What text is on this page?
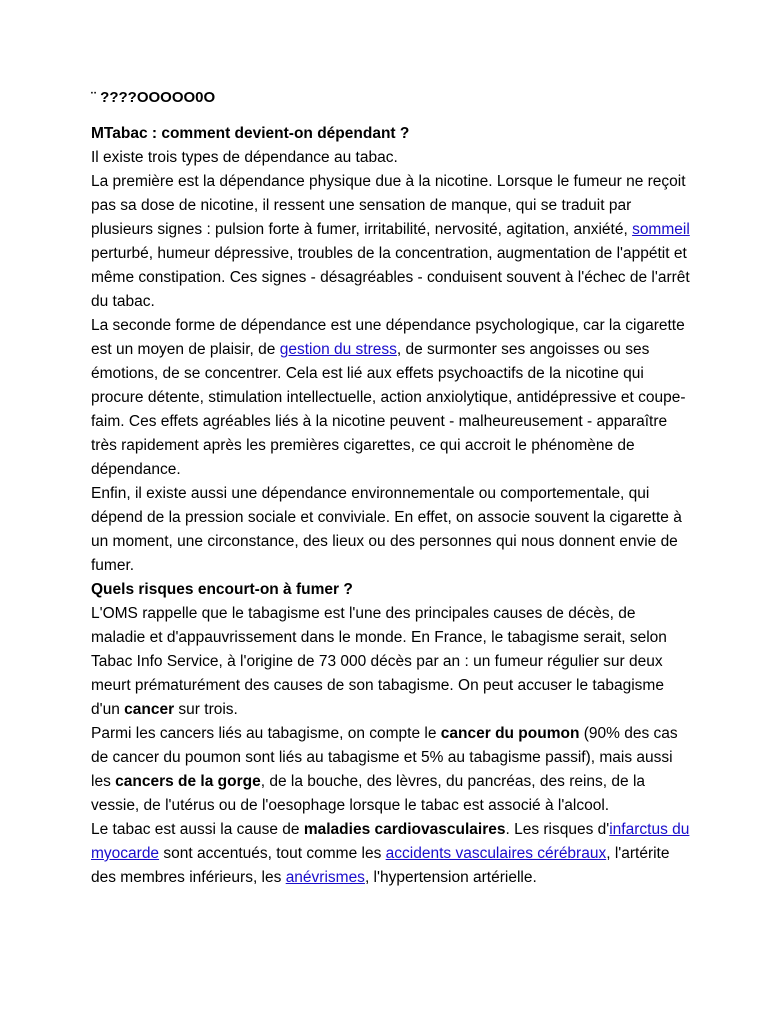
¨ ????OOOOO0O

MTabac : comment devient-on dépendant ?

Il existe trois types de dépendance au tabac.

La première est la dépendance physique due à la nicotine. Lorsque le fumeur ne reçoit pas sa dose de nicotine, il ressent une sensation de manque, qui se traduit par plusieurs signes : pulsion forte à fumer, irritabilité, nervosité, agitation, anxiété, sommeil perturbé, humeur dépressive, troubles de la concentration, augmentation de l'appétit et même constipation. Ces signes - désagréables - conduisent souvent à l'échec de l'arrêt du tabac.

La seconde forme de dépendance est une dépendance psychologique, car la cigarette est un moyen de plaisir, de gestion du stress, de surmonter ses angoisses ou ses émotions, de se concentrer. Cela est lié aux effets psychoactifs de la nicotine qui procure détente, stimulation intellectuelle, action anxiolytique, antidépressive et coupe-faim. Ces effets agréables liés à la nicotine peuvent - malheureusement - apparaître très rapidement après les premières cigarettes, ce qui accroit le phénomène de dépendance.

Enfin, il existe aussi une dépendance environnementale ou comportementale, qui dépend de la pression sociale et conviviale. En effet, on associe souvent la cigarette à un moment, une circonstance, des lieux ou des personnes qui nous donnent envie de fumer.

Quels risques encourt-on à fumer ?

L'OMS rappelle que le tabagisme est l'une des principales causes de décès, de maladie et d'appauvrissement dans le monde. En France, le tabagisme serait, selon Tabac Info Service, à l'origine de 73 000 décès par an : un fumeur régulier sur deux meurt prématurément des causes de son tabagisme. On peut accuser le tabagisme d'un cancer sur trois.

Parmi les cancers liés au tabagisme, on compte le cancer du poumon (90% des cas de cancer du poumon sont liés au tabagisme et 5% au tabagisme passif), mais aussi les cancers de la gorge, de la bouche, des lèvres, du pancréas, des reins, de la vessie, de l'utérus ou de l'oesophage lorsque le tabac est associé à l'alcool.

Le tabac est aussi la cause de maladies cardiovasculaires. Les risques d'infarctus du myocarde sont accentués, tout comme les accidents vasculaires cérébraux, l'artérite des membres inférieurs, les anévrismes, l'hypertension artérielle.
